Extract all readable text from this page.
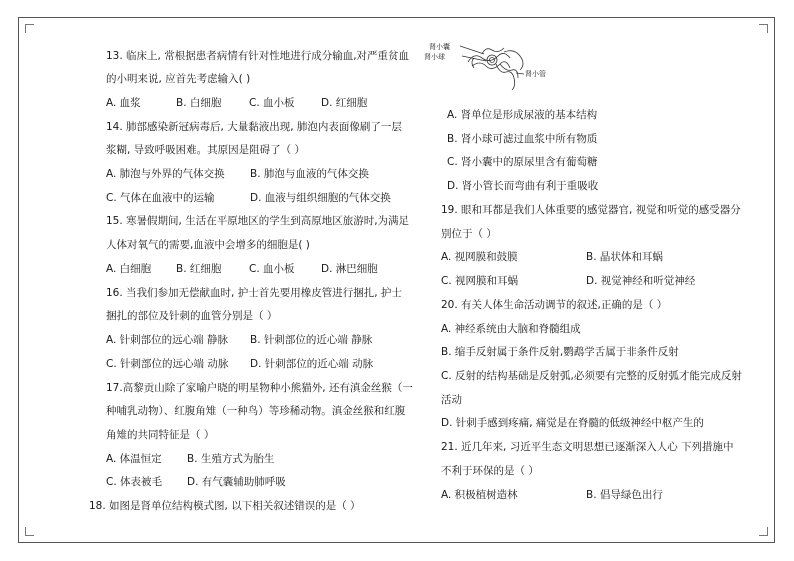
13. 临床上, 常根据患者病情有针对性地进行成分输血,对严重贫血
的小明来说, 应首先考虑输入( )
A. 血浆	B. 白细胞	C. 血小板	D. 红细胞
14. 肺部感染新冠病毒后, 大量黏液出现, 肺泡内表面像刷了一层
浆糊, 导致呼吸困难。其原因是阻碍了（ ）
A. 肺泡与外界的气体交换 B. 肺泡与血液的气体交换
C. 气体在血液中的运输	D. 血液与组织细胞的气体交换
15. 寒暑假期间, 生活在平原地区的学生到高原地区旅游时,为满足
人体对氧气的需要,血液中会增多的细胞是( )
A. 白细胞 B. 红细胞	C. 血小板	D. 淋巴细胞
16. 当我们参加无偿献血时, 护士首先要用橡皮管进行捆扎, 护士
捆扎的部位及针刺的血管分别是（ ）
A. 针刺部位的远心端 静脉 B. 针刺部位的近心端 静脉
C. 针刺部位的远心端 动脉 D. 针刺部位的近心端 动脉
17.高黎贡山除了家喻户晓的明星物种小熊猫外, 还有滇金丝猴（一
种哺乳动物）、红腹角雉（一种鸟）等珍稀动物。滇金丝猴和红腹
角雉的共同特征是（ ）
A. 体温恒定 B. 生殖方式为胎生
C. 体表被毛 D. 有气囊辅助肺呼吸
18. 如图是肾单位结构模式图, 以下相关叙述错误的是（ ）
肾小囊
肾小球
肾小管
A. 肾单位是形成尿液的基本结构
B. 肾小球可滤过血浆中所有物质
C. 肾小囊中的原尿里含有葡萄糖
D. 肾小管长而弯曲有利于重吸收
19. 眼和耳都是我们人体重要的感觉器官, 视觉和听觉的感受器分
别位于（ ）
A. 视网膜和鼓膜	B. 晶状体和耳蜗
C. 视网膜和耳蜗	D. 视觉神经和听觉神经
20. 有关人体生命活动调节的叙述,正确的是（ ）
A. 神经系统由大脑和脊髓组成
B. 缩手反射属于条件反射,鹦鹉学舌属于非条件反射
C. 反射的结构基础是反射弧,必须要有完整的反射弧才能完成反射
活动
D. 针刺手感到疼痛, 痛觉是在脊髓的低级神经中枢产生的
21. 近几年来, 习近平生态文明思想已逐渐深入人心 下列措施中
不利于环保的是（ ）
A. 积极植树造林	B. 倡导绿色出行
